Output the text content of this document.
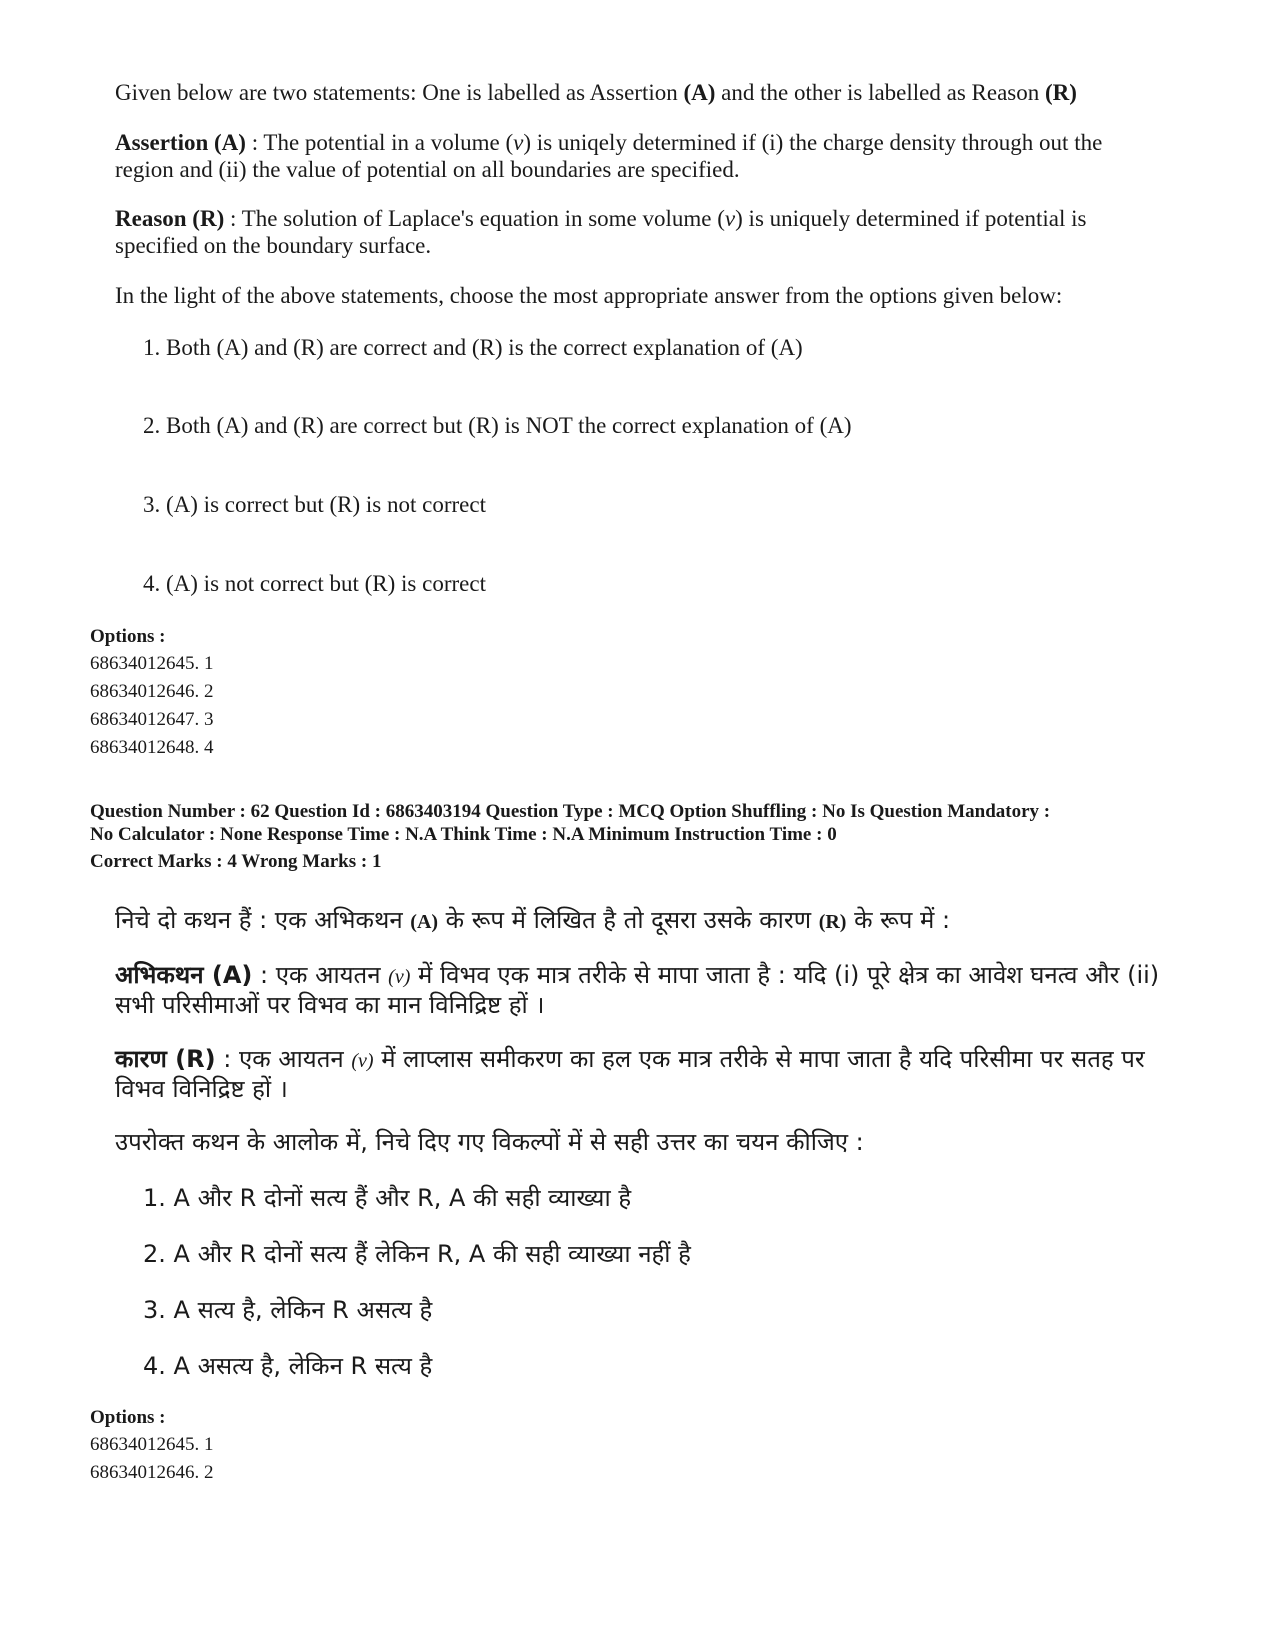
Given below are two statements: One is labelled as Assertion (A) and the other is labelled as Reason (R)
Assertion (A) : The potential in a volume (v) is uniqely determined if (i) the charge density through out the
region and (ii) the value of potential on all boundaries are specified.
Reason (R) : The solution of Laplace's equation in some volume (v) is uniquely determined if potential is
specified on the boundary surface.
In the light of the above statements, choose the most appropriate answer from the options given below:
1. Both (A) and (R) are correct and (R) is the correct explanation of (A)
2. Both (A) and (R) are correct but (R) is NOT the correct explanation of (A)
3. (A) is correct but (R) is not correct
4. (A) is not correct but (R) is correct
Options :
68634012645. 1
68634012646. 2
68634012647. 3
68634012648. 4
Question Number : 62 Question Id : 6863403194 Question Type : MCQ Option Shuffling : No Is Question Mandatory :
No Calculator : None Response Time : N.A Think Time : N.A Minimum Instruction Time : 0
Correct Marks : 4 Wrong Marks : 1
निचे दो कथन हैं : एक अभिकथन (A) के रूप में लिखित है तो दूसरा उसके कारण (R) के रूप में :
अभिकथन (A) : एक आयतन (v) में विभव एक मात्र तरीके से मापा जाता है : यदि (i) पूरे क्षेत्र का आवेश घनत्व और (ii)
सभी परिसीमाओं पर विभव का मान विनिद्रिष्ट हों ।
कारण (R) : एक आयतन (v) में लाप्लास समीकरण का हल एक मात्र तरीके से मापा जाता है यदि परिसीमा पर सतह पर
विभव विनिद्रिष्ट हों ।
उपरोक्त कथन के आलोक में, निचे दिए गए विकल्पों में से सही उत्तर का चयन कीजिए :
1. A और R दोनों सत्य हैं और R, A की सही व्याख्या है
2. A और R दोनों सत्य हैं लेकिन R, A की सही व्याख्या नहीं है
3. A सत्य है, लेकिन R असत्य है
4. A असत्य है, लेकिन R सत्य है
Options :
68634012645. 1
68634012646. 2
